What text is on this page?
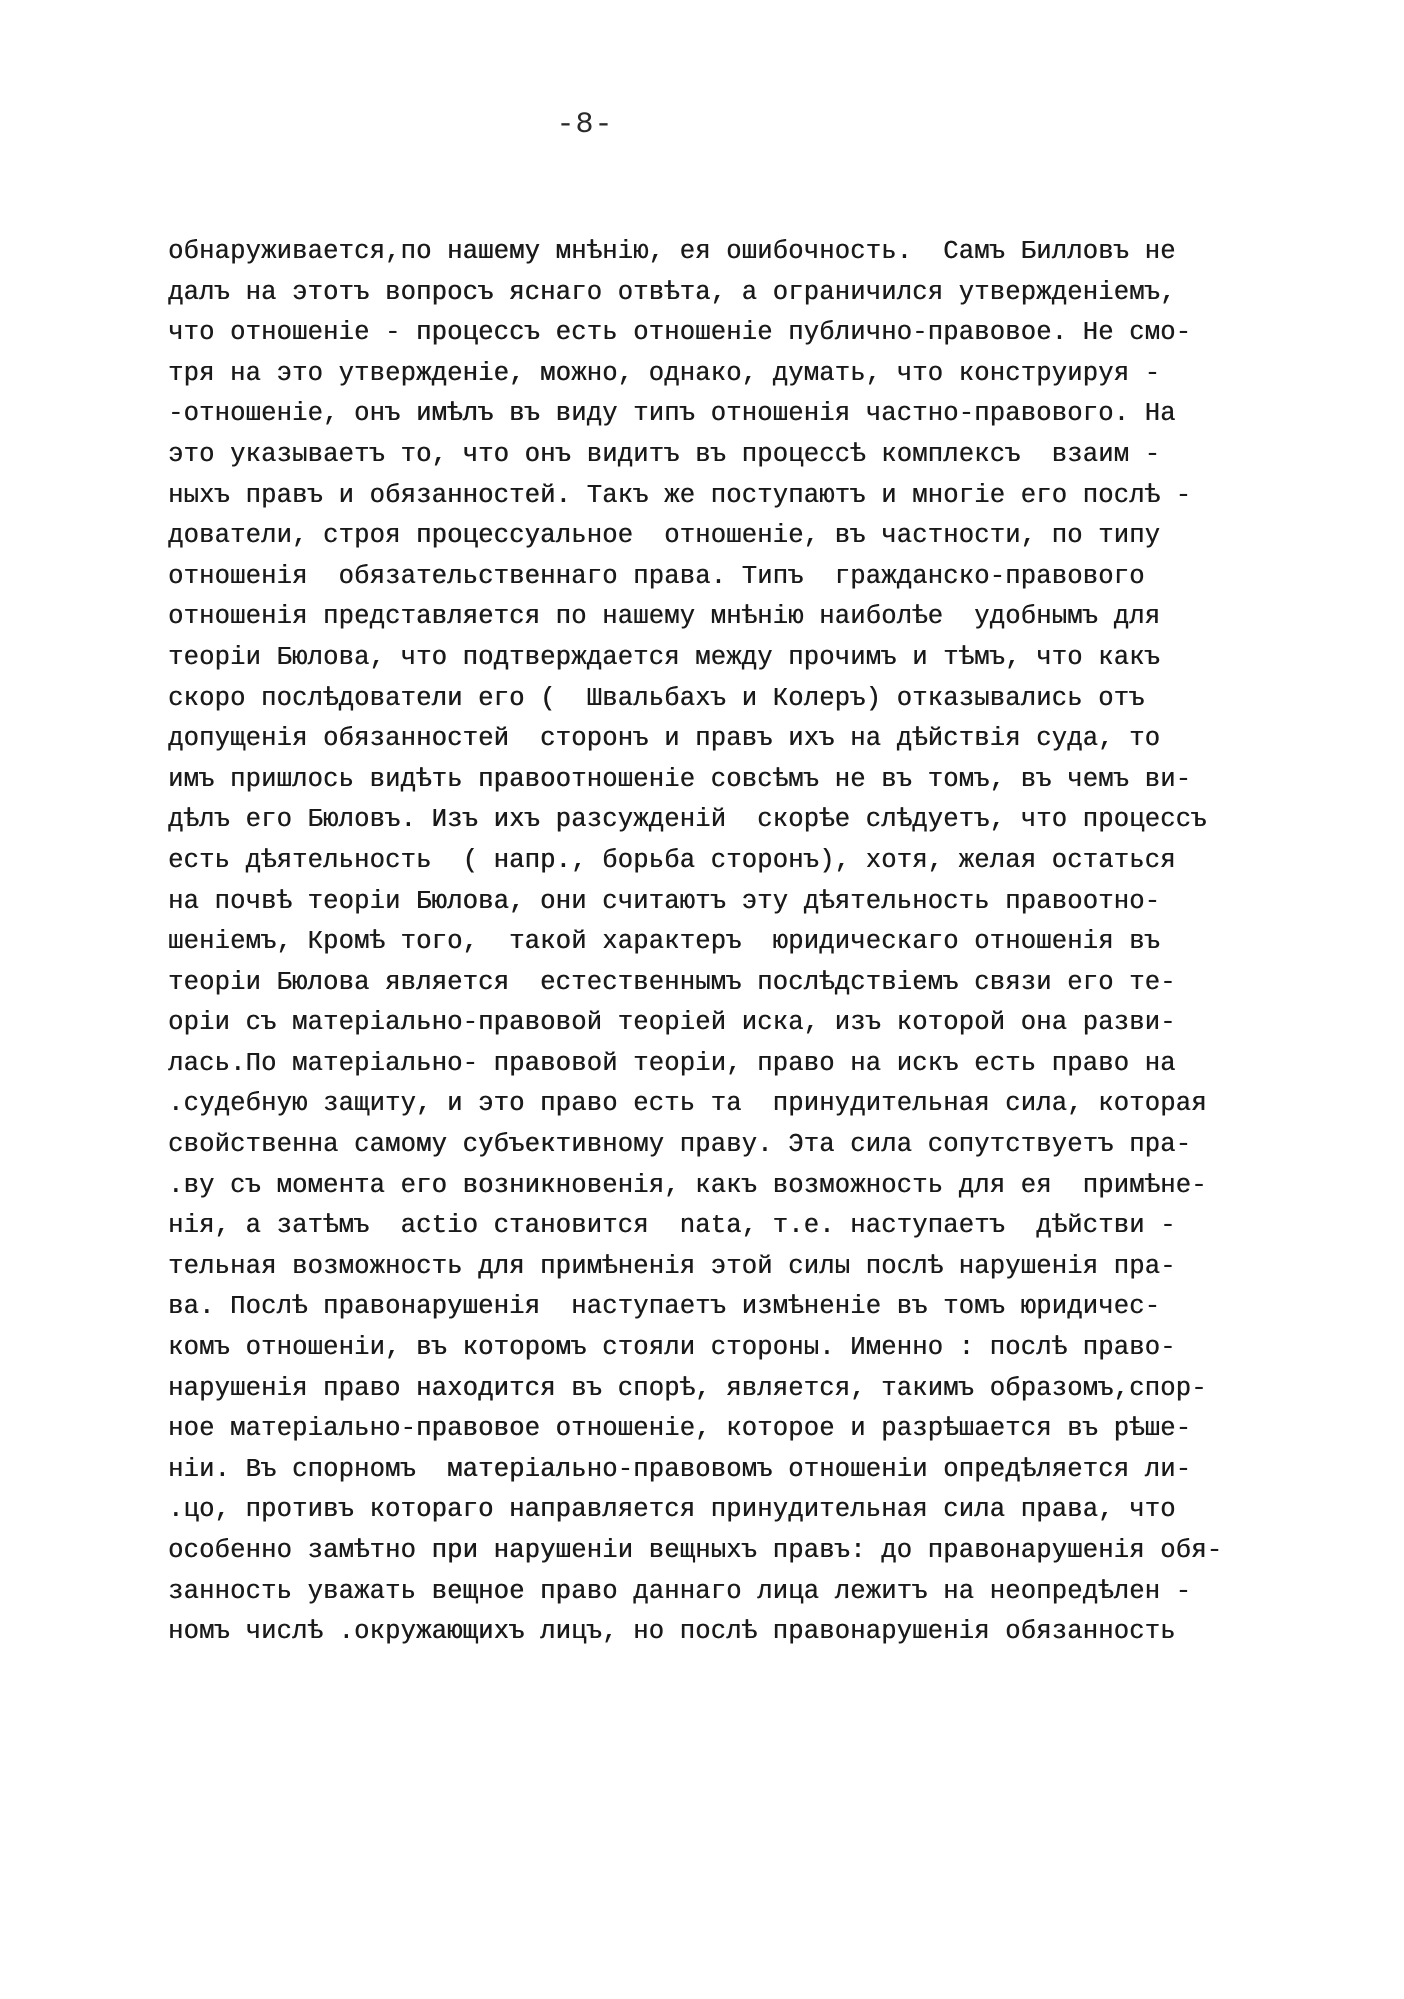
-8-
обнаруживается,по нашему мнѣнію, ея ошибочность.  Самъ Билловъ не
далъ на этотъ вопросъ яснаго отвѣта, а ограничился утвержденіемъ,
что отношеніе - процессъ есть отношеніе публично-правовое. Не смо-
тря на это утвержденіе, можно, однако, думать, что конструируя -
-отношеніе, онъ имѣлъ въ виду типъ отношенія частно-правового. На
это указываетъ то, что онъ видитъ въ процессѣ комплексъ  взаим -
ныхъ правъ и обязанностей. Такъ же поступаютъ и многіе его послѣ -
дователи, строя процессуальное  отношеніе, въ частности, по типу
отношенія  обязательственнаго права. Типъ  гражданско-правового
отношенія представляется по нашему мнѣнію наиболѣе  удобнымъ для
теоріи Бюлова, что подтверждается между прочимъ и тѣмъ, что какъ
скоро послѣдователи его (  Швальбахъ и Колеръ) отказывались отъ
допущенія обязанностей  сторонъ и правъ ихъ на дѣйствія суда, то
имъ пришлось видѣть правоотношеніе совсѣмъ не въ томъ, въ чемъ ви-
дѣлъ его Бюловъ. Изъ ихъ разсужденій  скорѣе слѣдуетъ, что процессъ
есть дѣятельность  ( напр., борьба сторонъ), хотя, желая остаться
на почвѣ теоріи Бюлова, они считаютъ эту дѣятельность правоотно-
шеніемъ, Кромѣ того,  такой характеръ  юридическаго отношенія въ
теоріи Бюлова является  естественнымъ послѣдствіемъ связи его те-
оріи съ матеріально-правовой теоріей иска, изъ которой она разви-
лась.По матеріально- правовой теоріи, право на искъ есть право на
.судебную защиту, и это право есть та  принудительная сила, которая
свойственна самому субъективному праву. Эта сила сопутствуетъ пра-
.ву съ момента его возникновенія, какъ возможность для ея  примѣне-
нія, а затѣмъ  actio становится  nata, т.е. наступаетъ  дѣйстви -
тельная возможность для примѣненія этой силы послѣ нарушенія пра-
ва. Послѣ правонарушенія  наступаетъ измѣненіе въ томъ юридичес-
комъ отношеніи, въ которомъ стояли стороны. Именно : послѣ право-
нарушенія право находится въ спорѣ, является, такимъ образомъ,спор-
ное матеріально-правовое отношеніе, которое и разрѣшается въ рѣше-
ніи. Въ спорномъ  матеріально-правовомъ отношеніи опредѣляется ли-
.цо, противъ котораго направляется принудительная сила права, что
особенно замѣтно при нарушеніи вещныхъ правъ: до правонарушенія обя-
занность уважать вещное право даннаго лица лежитъ на неопредѣлен -
номъ числѣ .окружающихъ лицъ, но послѣ правонарушенія обязанность
